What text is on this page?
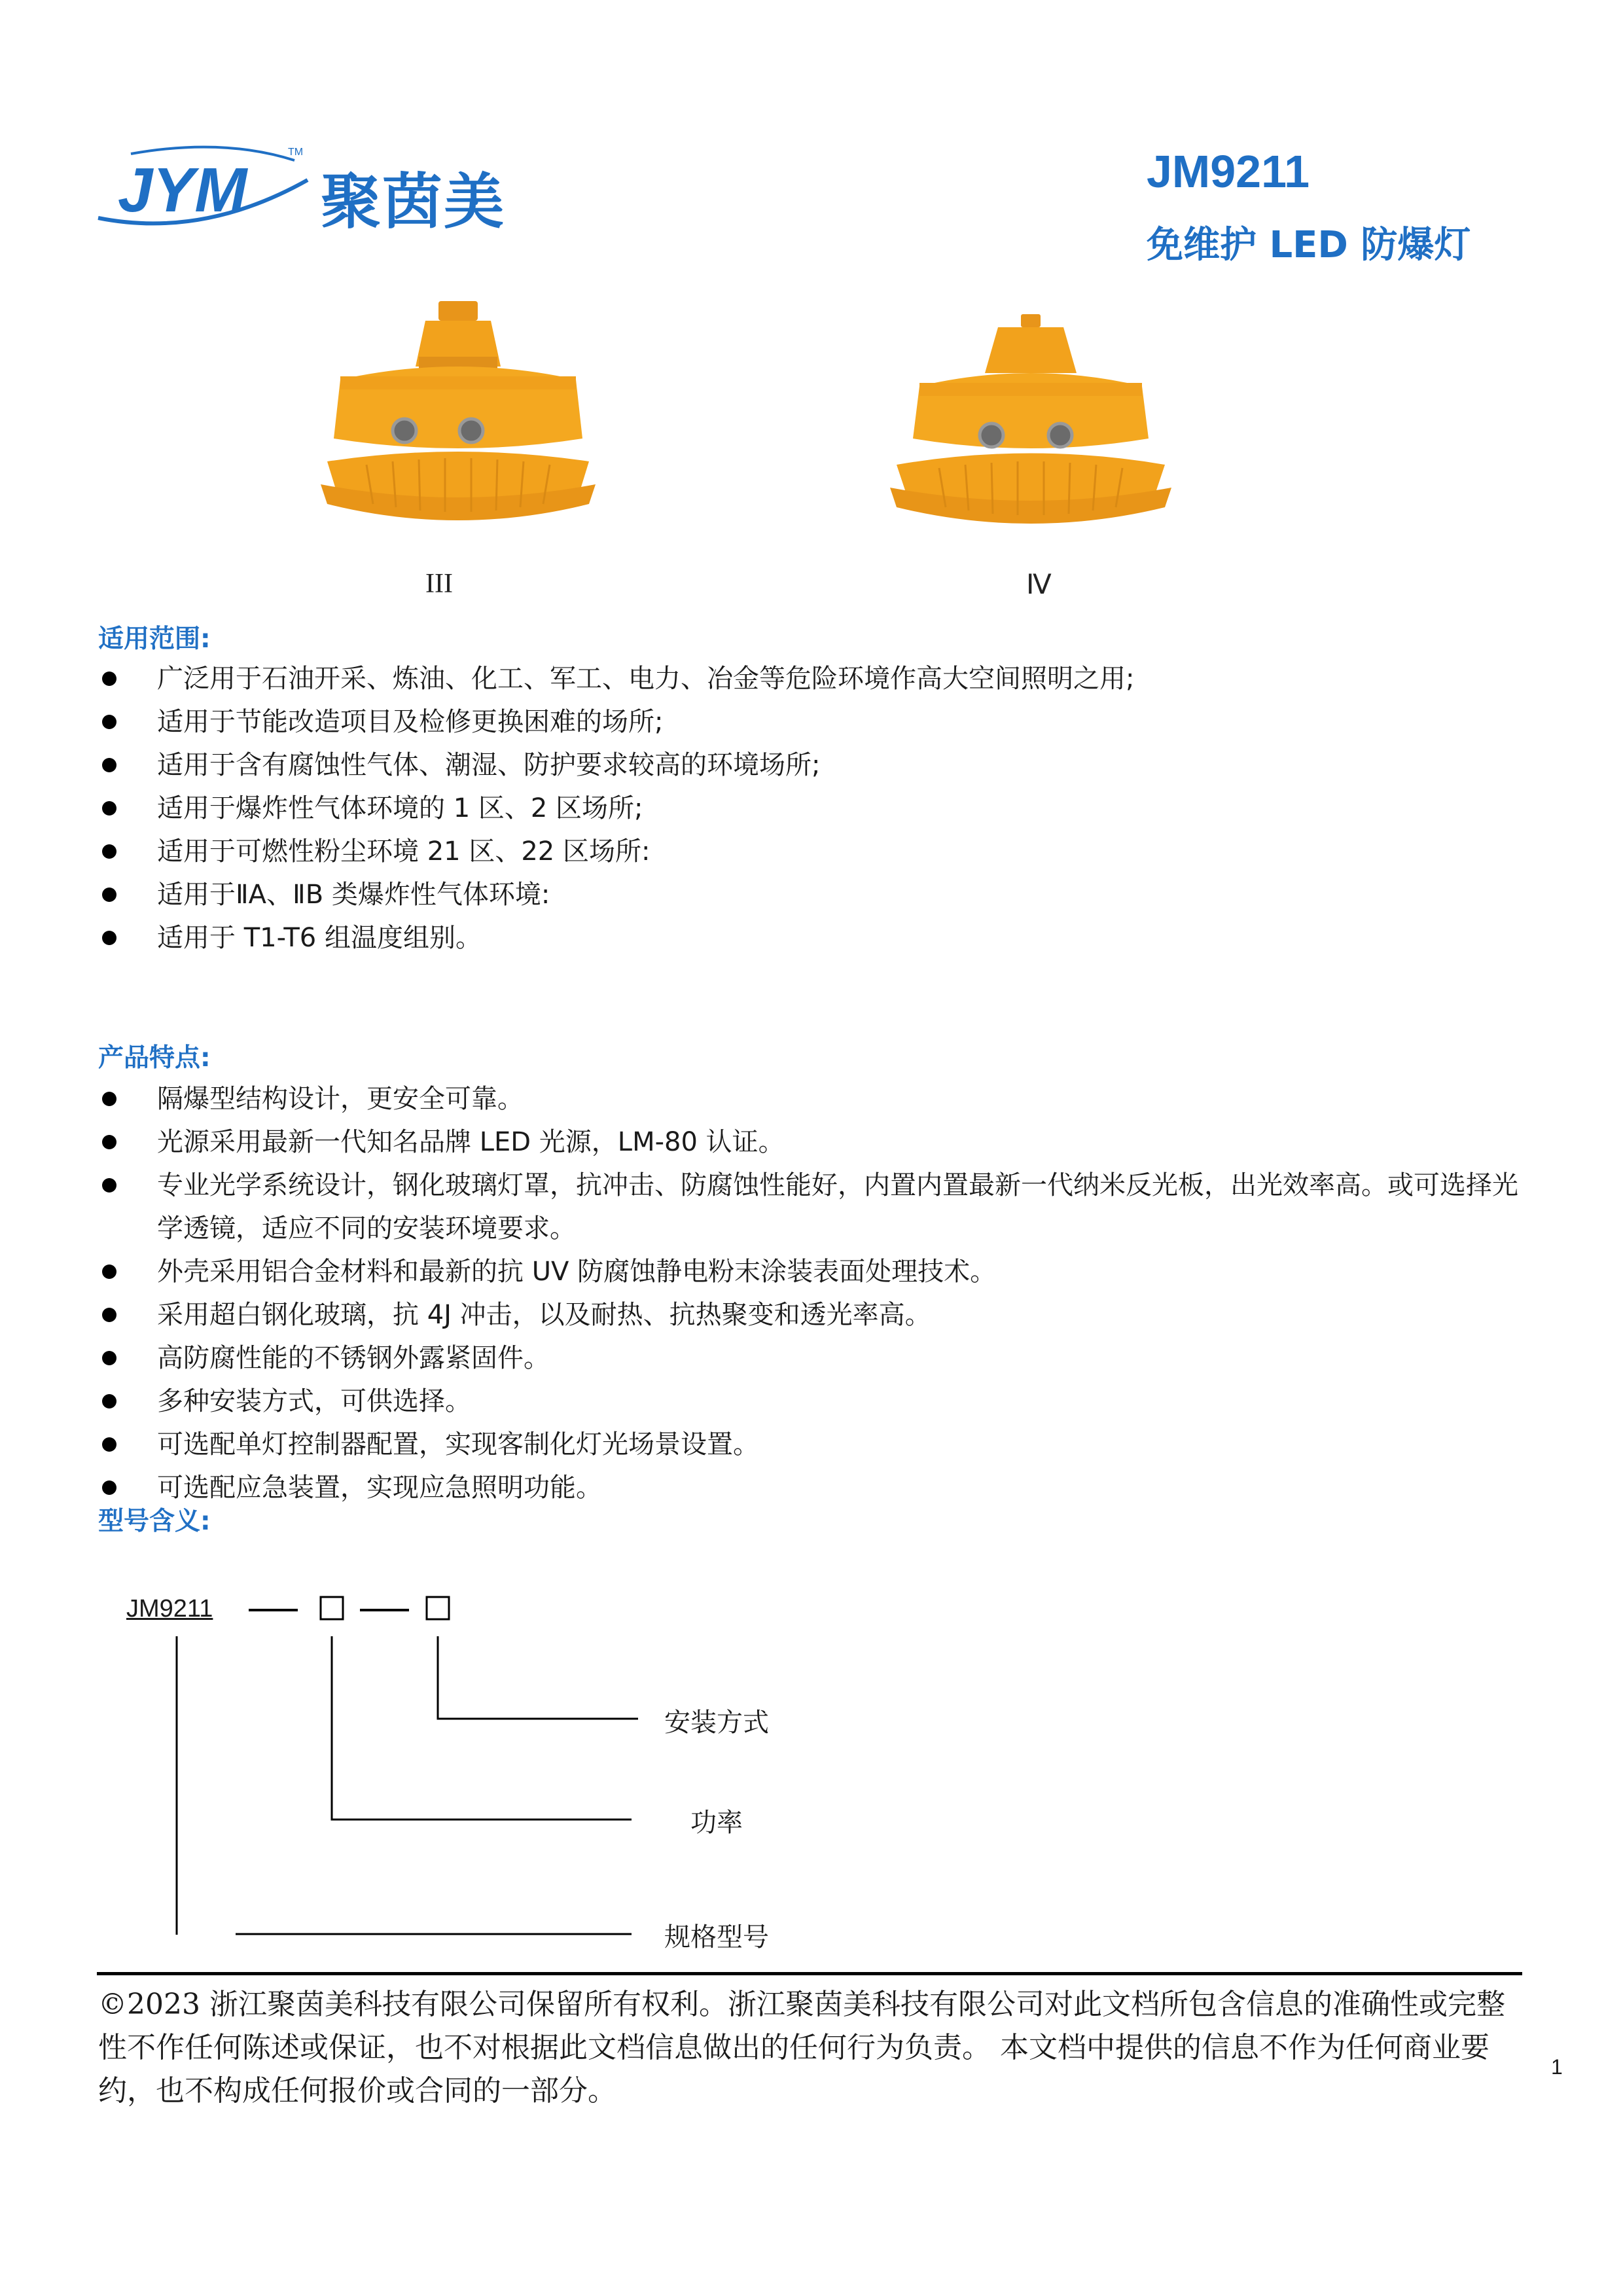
JYM
TM
聚茵美	JM9211
免维护 LED 防爆灯
III	Ⅳ
适用范围:
广泛用于石油开采、炼油、化工、军工、电力、冶金等危险环境作高大空间照明之用;
适用于节能改造项目及检修更换困难的场所;
适用于含有腐蚀性气体、潮湿、防护要求较高的环境场所;
适用于爆炸性气体环境的 1 区、2 区场所;
适用于可燃性粉尘环境 21 区、22 区场所:
适用于ⅡA、ⅡB 类爆炸性气体环境:
适用于 T1-T6 组温度组别。
产品特点:
隔爆型结构设计，更安全可靠。
光源采用最新一代知名品牌 LED 光源，LM-80 认证。
专业光学系统设计，钢化玻璃灯罩，抗冲击、防腐蚀性能好，内置内置最新一代纳米反光板，出光效率高。或可选择光学透镜，适应不同的安装环境要求。
外壳采用铝合金材料和最新的抗 UV 防腐蚀静电粉末涂装表面处理技术。
采用超白钢化玻璃，抗 4J 冲击，以及耐热、抗热聚变和透光率高。
高防腐性能的不锈钢外露紧固件。
多种安装方式，可供选择。
可选配单灯控制器配置，实现客制化灯光场景设置。
可选配应急装置，实现应急照明功能。
型号含义:
JM9211
安装方式
功率
规格型号
©2023 浙江聚茵美科技有限公司保留所有权利。浙江聚茵美科技有限公司对此文档所包含信息的准确性或完整性不作任何陈述或保证，也不对根据此文档信息做出的任何行为负责。 本文档中提供的信息不作为任何商业要约，也不构成任何报价或合同的一部分。
1
